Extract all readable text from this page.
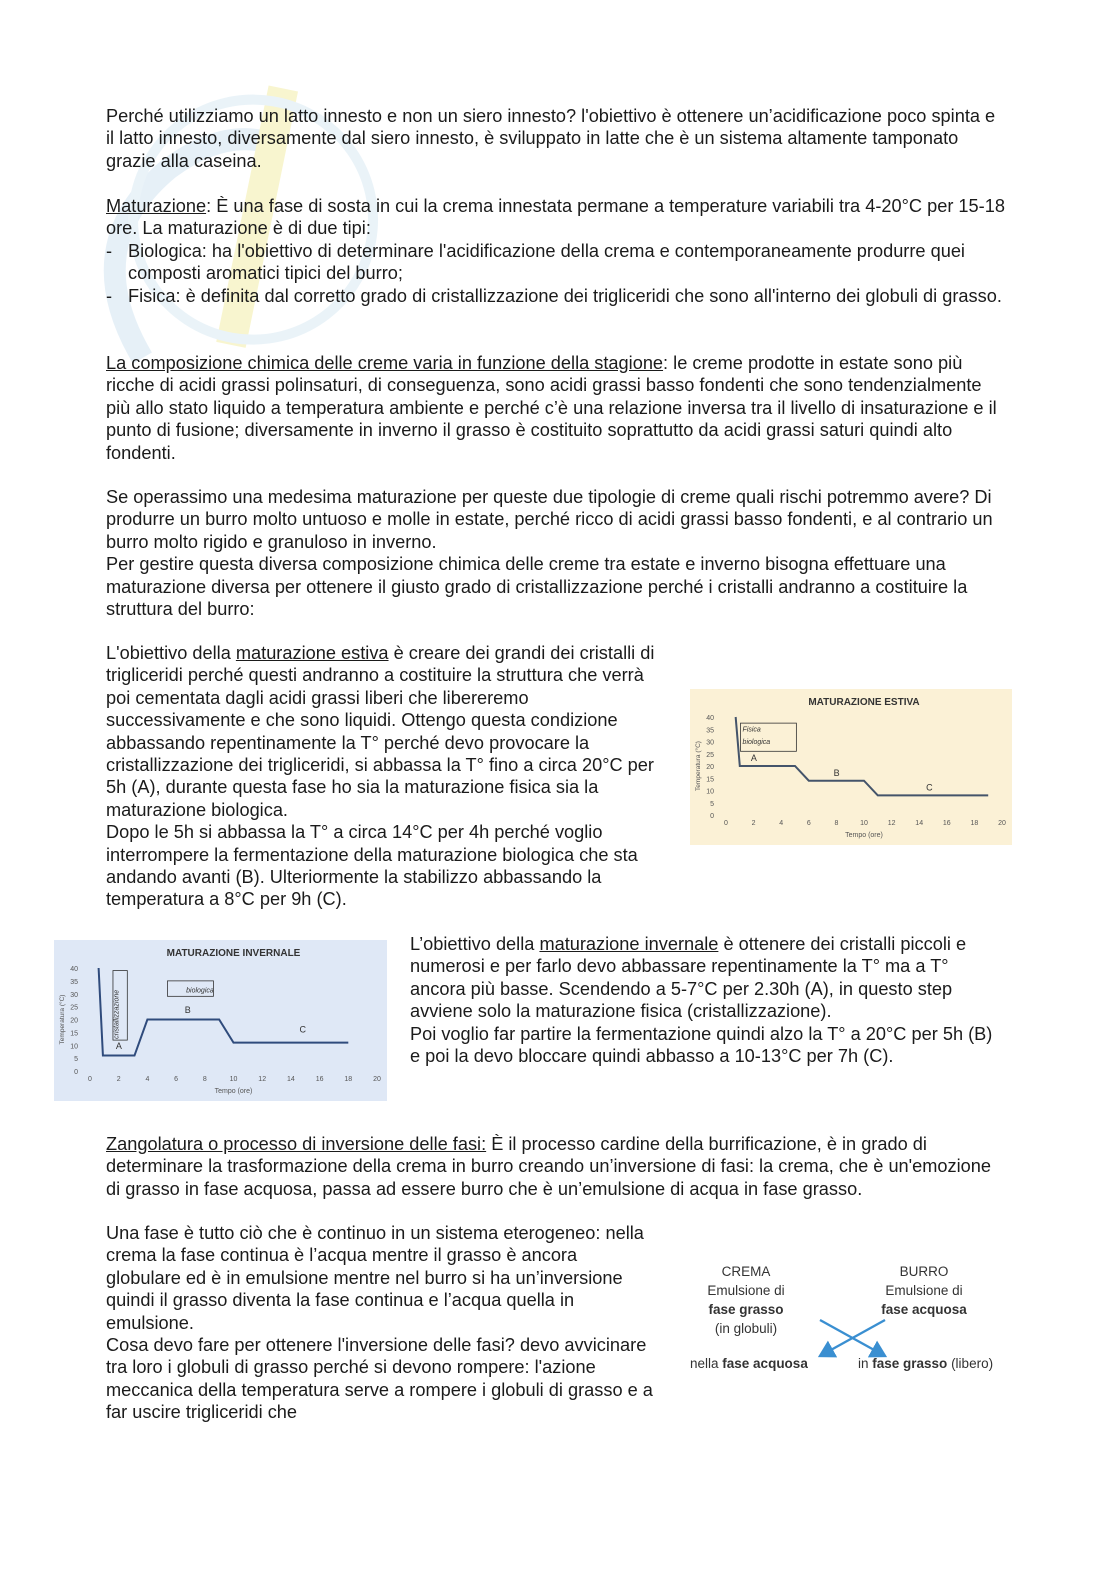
Perché utilizziamo un latto innesto e non un siero innesto? l'obiettivo è ottenere un’acidificazione poco spinta e il latto innesto, diversamente dal siero innesto, è sviluppato in latte che è un sistema altamente tamponato grazie alla caseina.

Maturazione: È una fase di sosta in cui la crema innestata permane a temperature variabili tra 4-20°C per 15-18 ore. La maturazione è di due tipi:

- Biologica: ha l'obiettivo di determinare l'acidificazione della crema e contemporaneamente produrre quei composti aromatici tipici del burro;

- Fisica: è definita dal corretto grado di cristallizzazione dei trigliceridi che sono all'interno dei globuli di grasso.

La composizione chimica delle creme varia in funzione della stagione: le creme prodotte in estate sono più ricche di acidi grassi polinsaturi, di conseguenza, sono acidi grassi basso fondenti che sono tendenzialmente più allo stato liquido a temperatura ambiente e perché c’è una relazione inversa tra il livello di insaturazione e il punto di fusione; diversamente in inverno il grasso è costituito soprattutto da acidi grassi saturi quindi alto fondenti.

Se operassimo una medesima maturazione per queste due tipologie di creme quali rischi potremmo avere? Di produrre un burro molto untuoso e molle in estate, perché ricco di acidi grassi basso fondenti, e al contrario un burro molto rigido e granuloso in inverno.

Per gestire questa diversa composizione chimica delle creme tra estate e inverno bisogna effettuare una maturazione diversa per ottenere il giusto grado di cristallizzazione perché i cristalli andranno a costituire la struttura del burro:

L'obiettivo della maturazione estiva è creare dei grandi dei cristalli di trigliceridi perché questi andranno a costituire la struttura che verrà poi cementata dagli acidi grassi liberi che libereremo successivamente e che sono liquidi. Ottengo questa condizione abbassando repentinamente la T° perché devo provocare la cristallizzazione dei trigliceridi, si abbassa la T° fino a circa 20°C per 5h (A), durante questa fase ho sia la maturazione fisica sia la maturazione biologica.

Dopo le 5h si abbassa la T° a circa 14°C per 4h perché voglio interrompere la fermentazione della maturazione biologica che sta andando avanti (B). Ulteriormente la stabilizzo abbassando la temperatura a 8°C per 9h (C).

MATURAZIONE ESTIVA
0
5
10
15
20
25
30
35
40
0	2	4	6	8	10	12	14	16	18	20
Tempo (ore)
Temperatura (°C)
Fisica
biologica
A
B
C
MATURAZIONE INVERNALE
0
5
10
15
20
25
30
35
40
0	2	4	6	8	10	12	14	16	18	20
Tempo (ore)
Temperatura (°C)	cristallizzazione	biologica
A
B
C

L’obiettivo della maturazione invernale è ottenere dei cristalli piccoli e numerosi e per farlo devo abbassare repentinamente la T° ma a T° ancora più basse. Scendendo a 5-7°C per 2.30h (A), in questo step avviene solo la maturazione fisica (cristallizzazione).

Poi voglio far partire la fermentazione quindi alzo la T° a 20°C per 5h (B) e poi la devo bloccare quindi abbasso a 10-13°C per 7h (C).

Zangolatura o processo di inversione delle fasi: È il processo cardine della burrificazione, è in grado di determinare la trasformazione della crema in burro creando un’inversione di fasi: la crema, che è un'emozione di grasso in fase acquosa, passa ad essere burro che è un’emulsione di acqua in fase grasso.

Una fase è tutto ciò che è continuo in un sistema eterogeneo: nella crema la fase continua è l’acqua mentre il grasso è ancora globulare ed è in emulsione mentre nel burro si ha un’inversione quindi il grasso diventa la fase continua e l’acqua quella in emulsione.

Cosa devo fare per ottenere l'inversione delle fasi? devo avvicinare tra loro i globuli di grasso perché si devono rompere: l'azione meccanica della temperatura serve a rompere i globuli di grasso e a far uscire trigliceridi che

CREMA
Emulsione di
fase grasso
(in globuli)
BURRO
Emulsione di
fase acquosa
nella fase acquosa	in fase grasso (libero)
